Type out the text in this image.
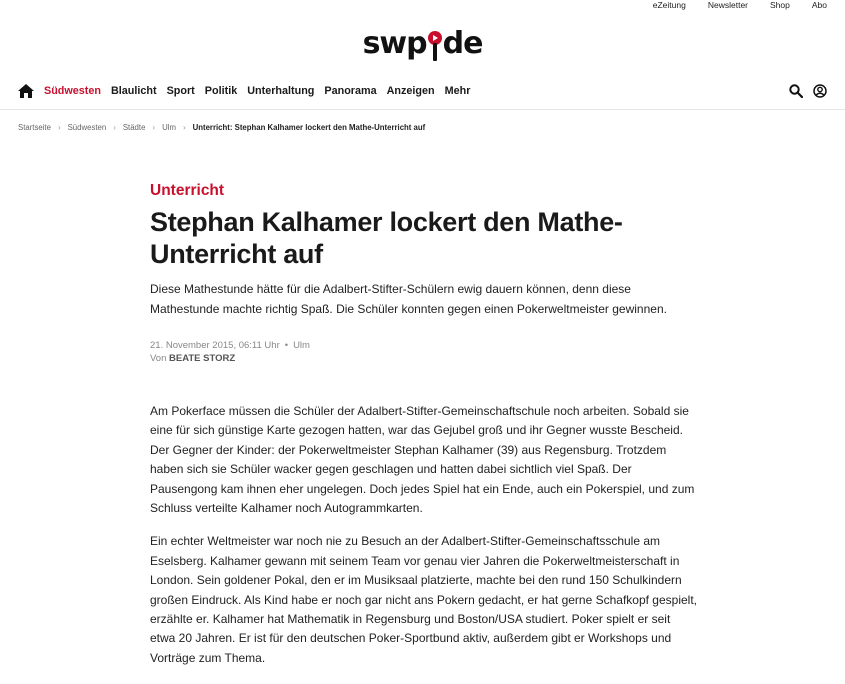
eZeitung	Newsletter	Shop	Abo
swp de
Südwesten Blaulicht Sport Politik Unterhaltung Panorama Anzeigen Mehr
Startseite › Südwesten › Städte › Ulm › Unterricht: Stephan Kalhamer lockert den Mathe-Unterricht auf
Unterricht
Stephan Kalhamer lockert den Mathe-Unterricht auf

Diese Mathestunde hätte für die Adalbert-Stifter-Schülern ewig dauern können, denn diese Mathestunde machte richtig Spaß. Die Schüler konnten gegen einen Pokerweltmeister gewinnen.

21. November 2015, 06:11 Uhr • Ulm
Von BEATE STORZ

Am Pokerface müssen die Schüler der Adalbert-Stifter-Gemeinschaftschule noch arbeiten. Sobald sie eine für sich günstige Karte gezogen hatten, war das Gejubel groß und ihr Gegner wusste Bescheid. Der Gegner der Kinder: der Pokerweltmeister Stephan Kalhamer (39) aus Regensburg. Trotzdem haben sich sie Schüler wacker gegen geschlagen und hatten dabei sichtlich viel Spaß. Der Pausengong kam ihnen eher ungelegen. Doch jedes Spiel hat ein Ende, auch ein Pokerspiel, und zum Schluss verteilte Kalhamer noch Autogrammkarten.

Ein echter Weltmeister war noch nie zu Besuch an der Adalbert-Stifter-Gemeinschaftsschule am Eselsberg. Kalhamer gewann mit seinem Team vor genau vier Jahren die Pokerweltmeisterschaft in London. Sein goldener Pokal, den er im Musiksaal platzierte, machte bei den rund 150 Schulkindern großen Eindruck. Als Kind habe er noch gar nicht ans Pokern gedacht, er hat gerne Schafkopf gespielt, erzählte er. Kalhamer hat Mathematik in Regensburg und Boston/USA studiert. Poker spielt er seit etwa 20 Jahren. Er ist für den deutschen Poker-Sportbund aktiv, außerdem gibt er Workshops und Vorträge zum Thema.
